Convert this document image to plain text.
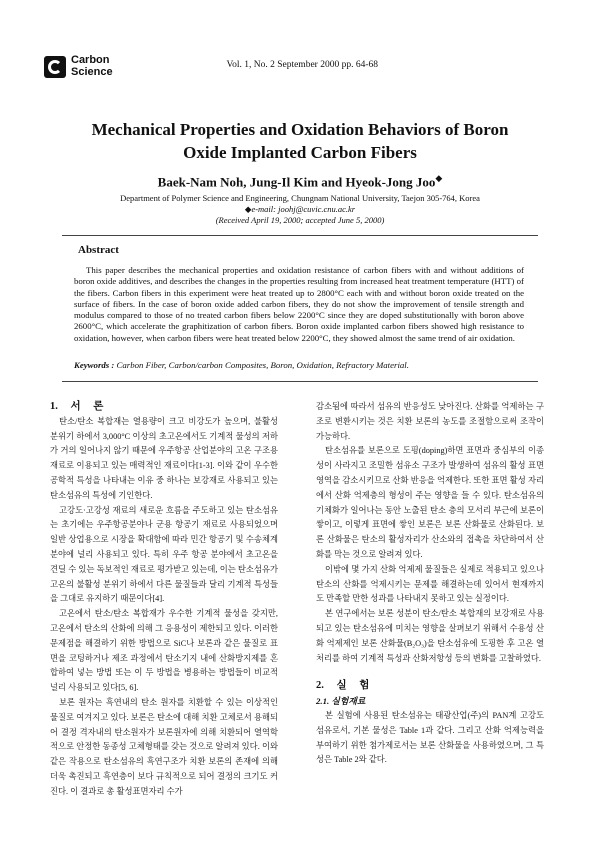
Carbon
Science
Vol. 1, No. 2 September 2000 pp. 64-68
Mechanical Properties and Oxidation Behaviors of Boron
Oxide Implanted Carbon Fibers
Baek-Nam Noh, Jung-Il Kim and Hyeok-Jong Joo◆
Department of Polymer Science and Engineering, Chungnam National University, Taejon 305-764, Korea
◆e-mail: joohj@cuvic.cnu.ac.kr
(Received April 19, 2000; accepted June 5, 2000)
Abstract
This paper describes the mechanical properties and oxidation resistance of carbon fibers with and without additions of boron oxide additives, and describes the changes in the properties resulting from increased heat treatment temperature (HTT) of the fibers. Carbon fibers in this experiment were heat treated up to 2800°C each with and without boron oxide treated on the surface of fibers. In the case of boron oxide added carbon fibers, they do not show the improvement of tensile strength and modulus compared to those of no treated carbon fibers below 2200°C since they are doped substitutionally with boron above 2600°C, which accelerate the graphitization of carbon fibers. Boron oxide implanted carbon fibers showed high resistance to oxidation, however, when carbon fibers were heat treated below 2200°C, they showed almost the same trend of air oxidation.
Keywords : Carbon Fiber, Carbon/carbon Composites, Boron, Oxidation, Refractory Material.

1. 서 론

탄소/탄소 복합재는 열용량이 크고 비강도가 높으며, 불활성 분위기 하에서 3,000°C 이상의 초고온에서도 기계적 물성의 저하가 거의 일어나지 않기 때문에 우주항공 산업분야의 고온 구조용 재료로 이용되고 있는 매력적인 재료이다[1-3]. 이와 같이 우수한 공학적 특성을 나타내는 이유 중 하나는 보강재로 사용되고 있는 탄소섬유의 특성에 기인한다.

고강도·고강성 재료의 새로운 흐름을 주도하고 있는 탄소섬유는 초기에는 우주항공분야나 군용 항공기 재료로 사용되었으며 일반 상업용으로 시장을 확대함에 따라 민간 항공기 및 수송체계 분야에 널리 사용되고 있다. 특히 우주 항공 분야에서 초고온을 견딜 수 있는 독보적인 재료로 평가받고 있는데, 이는 탄소섬유가 고온의 불활성 분위기 하에서 다른 물질들과 달리 기계적 특성들을 그대로 유지하기 때문이다[4].

고온에서 탄소/탄소 복합재가 우수한 기계적 물성을 갖지만, 고온에서 탄소의 산화에 의해 그 응용성이 제한되고 있다. 이러한 문제점을 해결하기 위한 방법으로 SiC나 보론과 같은 물질로 표면을 코팅하거나 제조 과정에서 탄소기지 내에 산화방지제를 혼합하여 넣는 방법 또는 이 두 방법을 병용하는 방법들이 비교적 널리 사용되고 있다[5, 6].

보론 원자는 흑연내의 탄소 원자를 치환할 수 있는 이상적인 물질로 여겨지고 있다. 보론은 탄소에 대해 치환 고체로서 용해되어 결정 격자내의 탄소원자가 보론원자에 의해 치환되어 열역학적으로 안정한 동종성 고체형태를 갖는 것으로 알려져 있다. 이와 같은 작용으로 탄소섬유의 흑연구조가 치환 보론의 존재에 의해 더욱 촉진되고 흑연층이 보다 규칙적으로 되어 결정의 크기도 커진다. 이 결과로 총 활성표면자리 수가

감소됨에 따라서 섬유의 반응성도 낮아진다. 산화를 억제하는 구조로 변환시키는 것은 치환 보론의 농도를 조절함으로써 조작이 가능하다.

탄소섬유를 보론으로 도핑(doping)하면 표면과 중심부의 이종성이 사라지고 조밀한 섬유소 구조가 발생하여 섬유의 활성 표면 영역을 감소시키므로 산화 반응을 억제한다. 또한 표면 활성 자리에서 산화 억제층의 형성이 주는 영향을 들 수 있다. 탄소섬유의 기체화가 일어나는 동안 노출된 탄소 층의 모서리 부근에 보론이 쌓이고, 이렇게 표면에 쌓인 보론은 보론 산화물로 산화된다. 보론 산화물은 탄소의 활성자리가 산소와의 접촉을 차단하여서 산화를 막는 것으로 알려져 있다.

이밖에 몇 가지 산화 억제제 물질들은 실제로 적용되고 있으나 탄소의 산화를 억제시키는 문제를 해결하는데 있어서 현재까지도 만족할 만한 성과를 나타내지 못하고 있는 실정이다.

본 연구에서는 보론 성분이 탄소/탄소 복합재의 보강재로 사용되고 있는 탄소섬유에 미치는 영향을 살펴보기 위해서 수용성 산화 억제제인 보론 산화물(B₂O₃)을 탄소섬유에 도핑한 후 고온 열처리를 하여 기계적 특성과 산화저항성 등의 변화를 고찰하였다.

2. 실 험

2.1. 실험재료

본 실험에 사용된 탄소섬유는 태광산업(주)의 PAN계 고강도 섬유로서, 기본 물성은 Table 1과 같다. 그리고 산화 억제능력을 부여하기 위한 첨가제로서는 보론 산화물을 사용하였으며, 그 특성은 Table 2와 같다.
